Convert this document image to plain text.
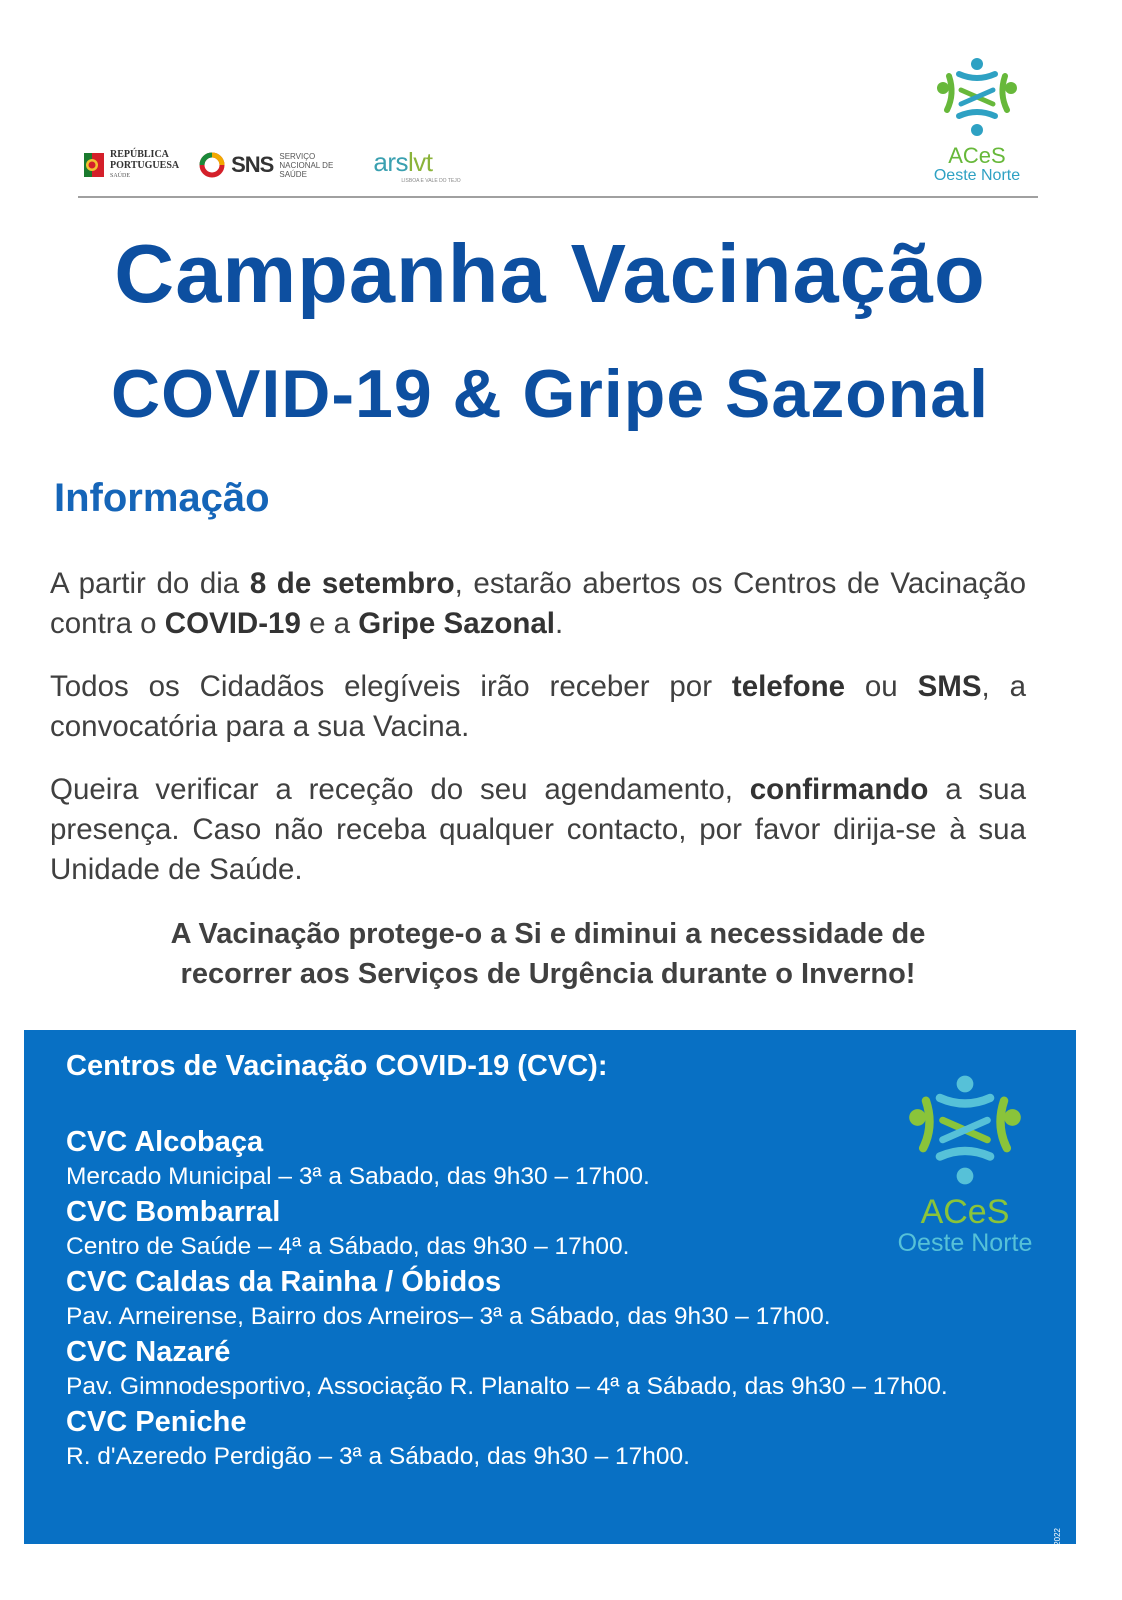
REPÚBLICA
PORTUGUESA
SAÚDE	SNS SERVIÇO NACIONAL DE SAÚDE	arslvt
LISBOA E VALE DO TEJO
ACeS
Oeste Norte
Campanha Vacinação
COVID-19 & Gripe Sazonal
Informação

A partir do dia 8 de setembro, estarão abertos os Centros de Vacinação contra o COVID-19 e a Gripe Sazonal.

Todos os Cidadãos elegíveis irão receber por telefone ou SMS, a convocatória para a sua Vacina.

Queira verificar a receção do seu agendamento, confirmando a sua presença. Caso não receba qualquer contacto, por favor dirija-se à sua Unidade de Saúde.

A Vacinação protege-o a Si e diminui a necessidade de
recorrer aos Serviços de Urgência durante o Inverno!
Centros de Vacinação COVID-19 (CVC):
CVC Alcobaça
Mercado Municipal – 3ª a Sabado, das 9h30 – 17h00.
CVC Bombarral
Centro de Saúde – 4ª a Sábado, das 9h30 – 17h00.
CVC Caldas da Rainha / Óbidos
Pav. Arneirense, Bairro dos Arneiros– 3ª a Sábado, das 9h30 – 17h00.
CVC Nazaré
Pav. Gimnodesportivo, Associação R. Planalto – 4ª a Sábado, das 9h30 – 17h00.
CVC Peniche
R. d'Azeredo Perdigão – 3ª a Sábado, das 9h30 – 17h00.
ACeS
Oeste Norte
Poster CVC01 2022
